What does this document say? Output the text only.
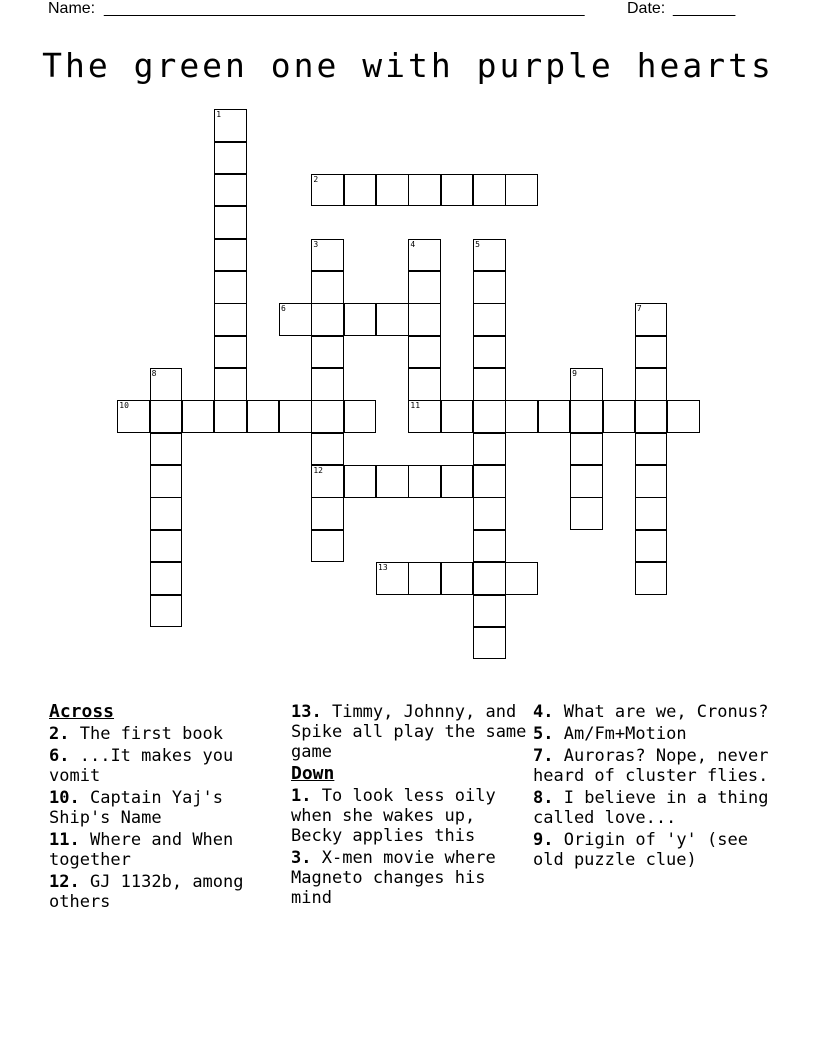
Name: ______________________________________________________	Date: _______
The green one with purple hearts
1
2
3
12
4
11
5
6	7
8	9
10
13
Across
2. The first book
6. ...It makes you vomit
10. Captain Yaj's Ship's Name
11. Where and When together
12. GJ 1132b, among others
13. Timmy, Johnny, and Spike all play the same game
Down
1. To look less oily when she wakes up, Becky applies this
3. X-men movie where Magneto changes his mind
4. What are we, Cronus?
5. Am/Fm+Motion
7. Auroras? Nope, never heard of cluster flies.
8. I believe in a thing called love...
9. Origin of 'y' (see old puzzle clue)
